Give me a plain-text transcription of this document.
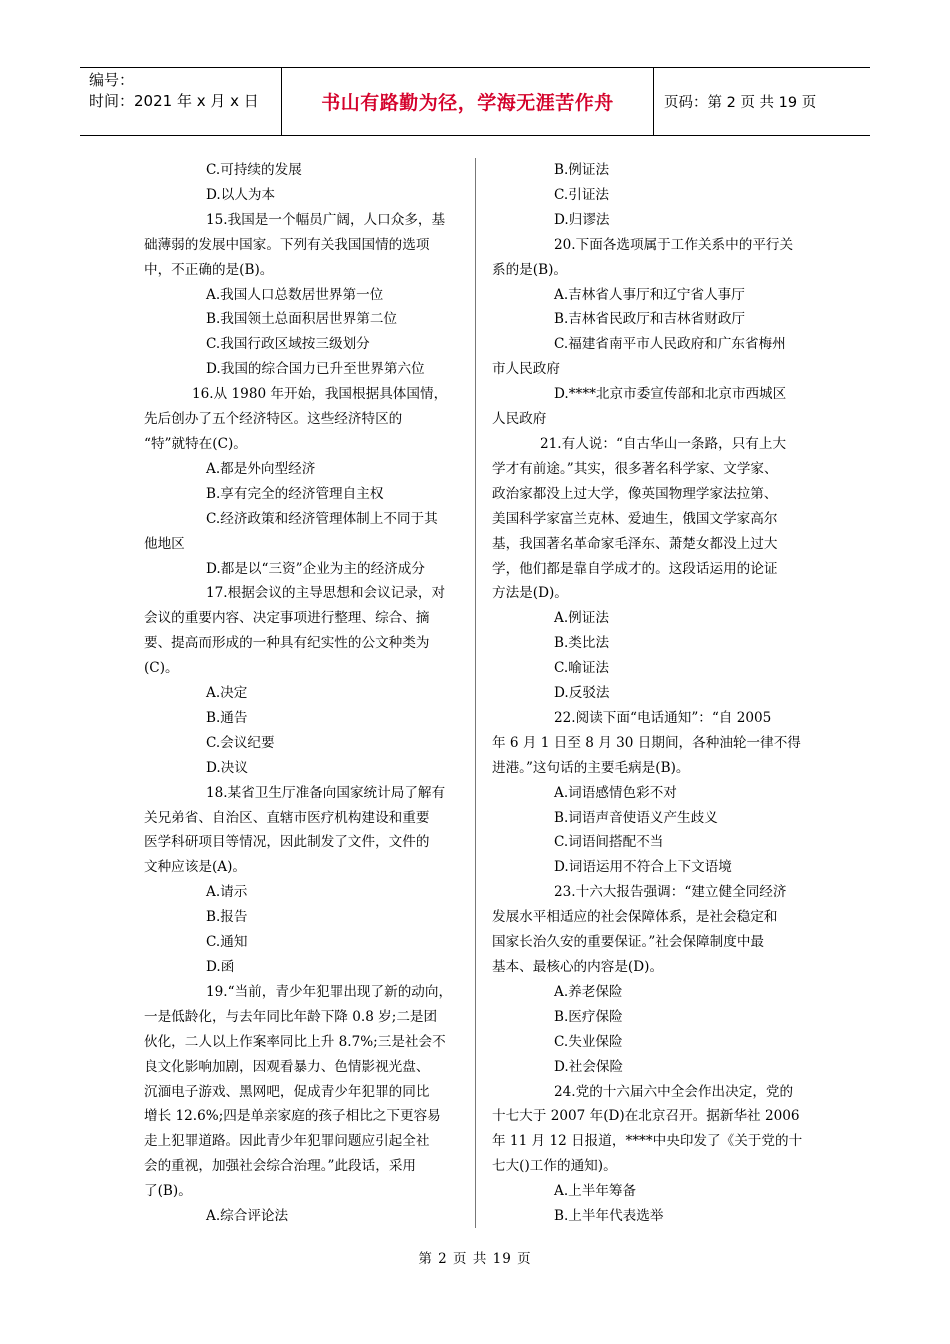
编号：
时间：2021 年 x 月 x 日	书山有路勤为径，学海无涯苦作舟	页码：第 2 页 共 19 页

C.可持续的发展

D.以人为本

15.我国是一个幅员广阔，人口众多，基

础薄弱的发展中国家。下列有关我国国情的选项

中，不正确的是(B)。

A.我国人口总数居世界第一位

B.我国领土总面积居世界第二位

C.我国行政区域按三级划分

D.我国的综合国力已升至世界第六位

16.从 1980 年开始，我国根据具体国情，

先后创办了五个经济特区。这些经济特区的

“特”就特在(C)。

A.都是外向型经济

B.享有完全的经济管理自主权

C.经济政策和经济管理体制上不同于其

他地区

D.都是以“三资”企业为主的经济成分

17.根据会议的主导思想和会议记录，对

会议的重要内容、决定事项进行整理、综合、摘

要、提高而形成的一种具有纪实性的公文种类为

(C)。

A.决定

B.通告

C.会议纪要

D.决议

18.某省卫生厅准备向国家统计局了解有

关兄弟省、自治区、直辖市医疗机构建设和重要

医学科研项目等情况，因此制发了文件，文件的

文种应该是(A)。

A.请示

B.报告

C.通知

D.函

19.“当前，青少年犯罪出现了新的动向，

一是低龄化，与去年同比年龄下降 0.8 岁;二是团

伙化，二人以上作案率同比上升 8.7%;三是社会不

良文化影响加剧，因观看暴力、色情影视光盘、

沉湎电子游戏、黑网吧，促成青少年犯罪的同比

增长 12.6%;四是单亲家庭的孩子相比之下更容易

走上犯罪道路。因此青少年犯罪问题应引起全社

会的重视，加强社会综合治理。”此段话，采用

了(B)。

A.综合评论法

B.例证法

C.引证法

D.归谬法

20.下面各选项属于工作关系中的平行关

系的是(B)。

A.吉林省人事厅和辽宁省人事厅

B.吉林省民政厅和吉林省财政厅

C.福建省南平市人民政府和广东省梅州

市人民政府

D.****北京市委宣传部和北京市西城区

人民政府

21.有人说：“自古华山一条路，只有上大

学才有前途。”其实，很多著名科学家、文学家、

政治家都没上过大学，像英国物理学家法拉第、

美国科学家富兰克林、爱迪生，俄国文学家高尔

基，我国著名革命家毛泽东、萧楚女都没上过大

学，他们都是靠自学成才的。这段话运用的论证

方法是(D)。

A.例证法

B.类比法

C.喻证法

D.反驳法

22.阅读下面“电话通知”：“自 2005

年 6 月 1 日至 8 月 30 日期间，各种油轮一律不得

进港。”这句话的主要毛病是(B)。

A.词语感情色彩不对

B.词语声音使语义产生歧义

C.词语间搭配不当

D.词语运用不符合上下文语境

23.十六大报告强调：“建立健全同经济

发展水平相适应的社会保障体系，是社会稳定和

国家长治久安的重要保证。”社会保障制度中最

基本、最核心的内容是(D)。

A.养老保险

B.医疗保险

C.失业保险

D.社会保险

24.党的十六届六中全会作出决定，党的

十七大于 2007 年(D)在北京召开。据新华社 2006

年 11 月 12 日报道，****中央印发了《关于党的十

七大()工作的通知)。

A.上半年筹备

B.上半年代表选举

第 2 页 共 19 页
